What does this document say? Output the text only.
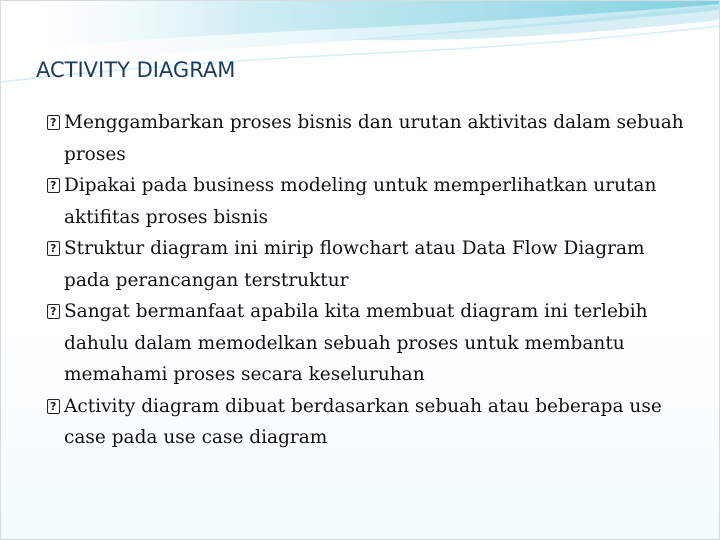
ACTIVITY DIAGRAM
?
Menggambarkan proses bisnis dan urutan aktivitas dalam sebuah proses
?
Dipakai pada business modeling untuk memperlihatkan urutan aktifitas proses bisnis
?
Struktur diagram ini mirip flowchart atau Data Flow Diagram pada perancangan terstruktur
?
Sangat bermanfaat apabila kita membuat diagram ini terlebih dahulu dalam memodelkan sebuah proses untuk membantu memahami proses secara keseluruhan
?
Activity diagram dibuat berdasarkan sebuah atau beberapa use case pada use case diagram
